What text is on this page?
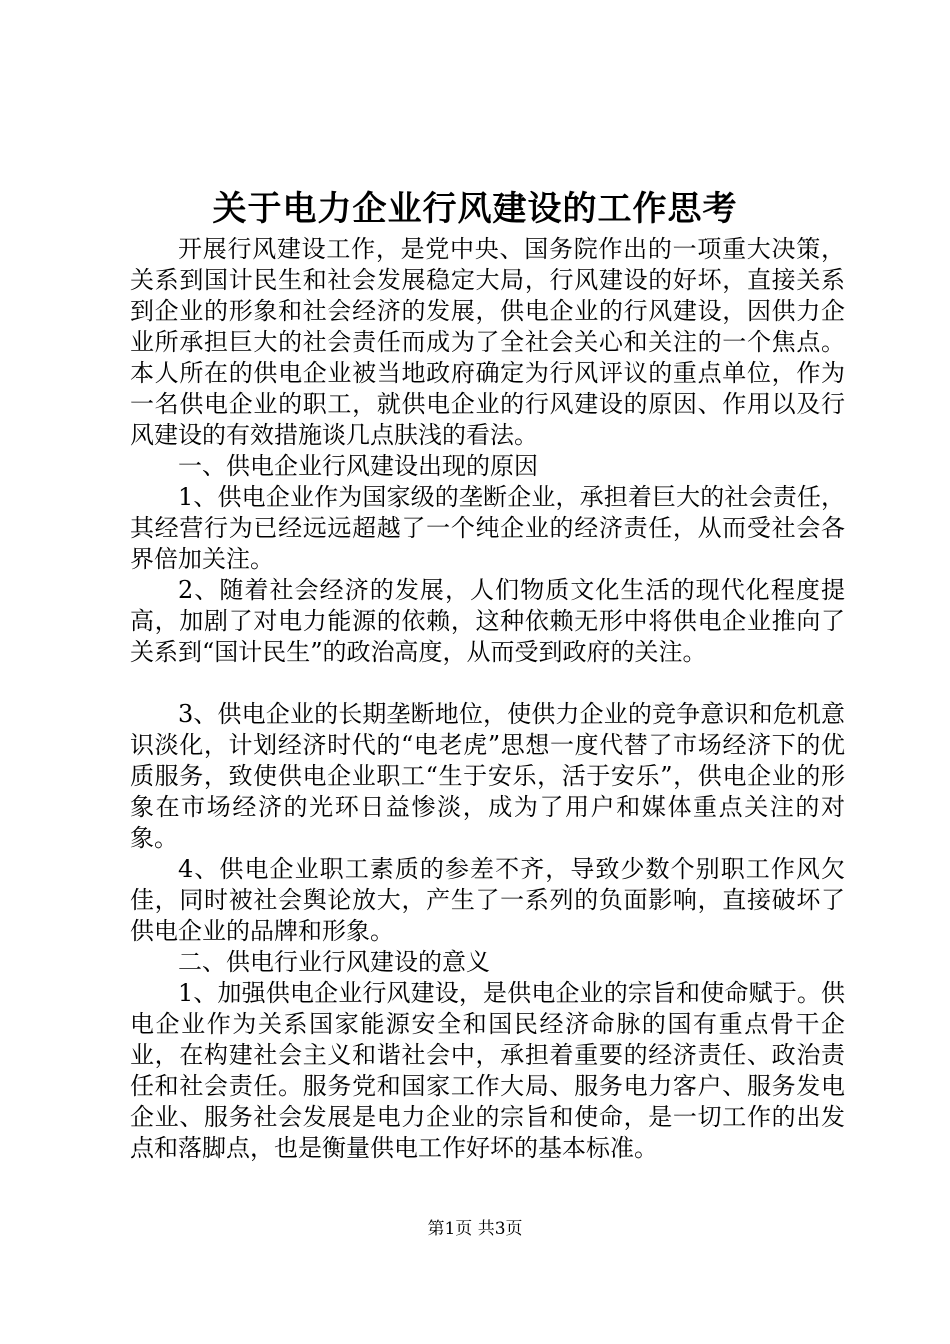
关于电力企业行风建设的工作思考

开展行风建设工作，是党中央、国务院作出的一项重大决策，关系到国计民生和社会发展稳定大局，行风建设的好坏，直接关系到企业的形象和社会经济的发展，供电企业的行风建设，因供力企业所承担巨大的社会责任而成为了全社会关心和关注的一个焦点。本人所在的供电企业被当地政府确定为行风评议的重点单位，作为一名供电企业的职工，就供电企业的行风建设的原因、作用以及行风建设的有效措施谈几点肤浅的看法。

一、供电企业行风建设出现的原因

1、供电企业作为国家级的垄断企业，承担着巨大的社会责任，其经营行为已经远远超越了一个纯企业的经济责任，从而受社会各界倍加关注。

2、随着社会经济的发展，人们物质文化生活的现代化程度提高，加剧了对电力能源的依赖，这种依赖无形中将供电企业推向了关系到“国计民生”的政治高度，从而受到政府的关注。

3、供电企业的长期垄断地位，使供力企业的竞争意识和危机意识淡化，计划经济时代的“电老虎”思想一度代替了市场经济下的优质服务，致使供电企业职工“生于安乐，活于安乐”，供电企业的形象在市场经济的光环日益惨淡，成为了用户和媒体重点关注的对象。

4、供电企业职工素质的参差不齐，导致少数个别职工作风欠佳，同时被社会舆论放大，产生了一系列的负面影响，直接破坏了供电企业的品牌和形象。

二、供电行业行风建设的意义

1、加强供电企业行风建设，是供电企业的宗旨和使命赋于。供电企业作为关系国家能源安全和国民经济命脉的国有重点骨干企业，在构建社会主义和谐社会中，承担着重要的经济责任、政治责任和社会责任。服务党和国家工作大局、服务电力客户、服务发电企业、服务社会发展是电力企业的宗旨和使命，是一切工作的出发点和落脚点，也是衡量供电工作好坏的基本标准。

第1页 共3页
